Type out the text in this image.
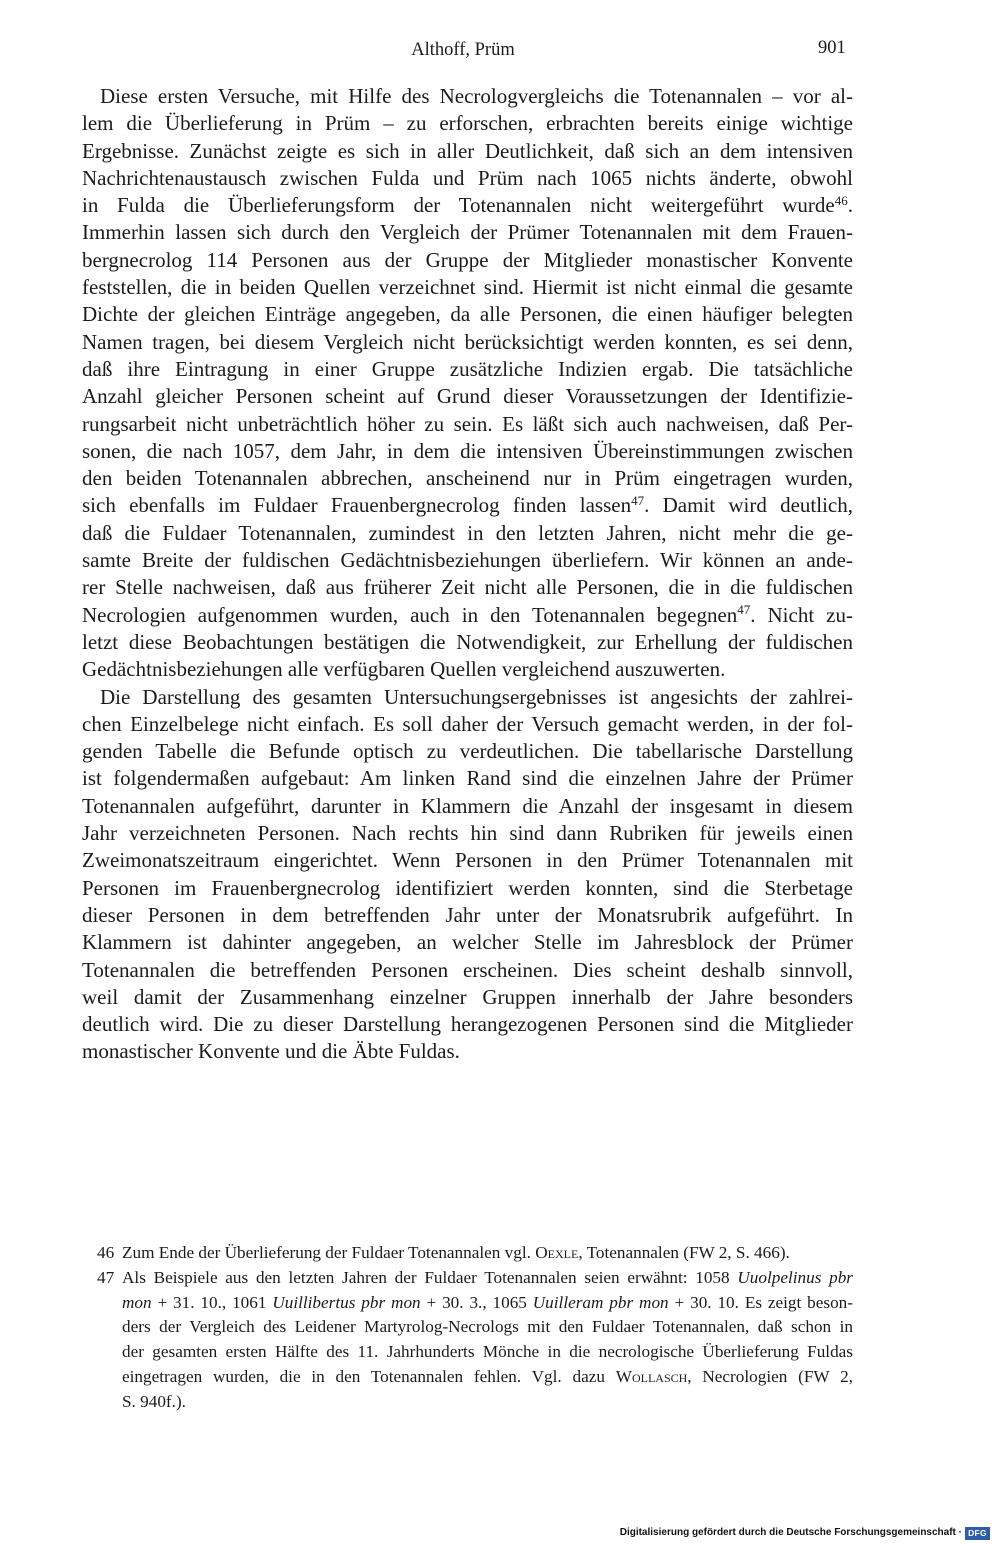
Althoff, Prüm	901
Diese ersten Versuche, mit Hilfe des Necrologvergleichs die Totenannalen – vor al-
lem die Überlieferung in Prüm – zu erforschen, erbrachten bereits einige wichtige
Ergebnisse. Zunächst zeigte es sich in aller Deutlichkeit, daß sich an dem intensiven
Nachrichtenaustausch zwischen Fulda und Prüm nach 1065 nichts änderte, obwohl
in Fulda die Überlieferungsform der Totenannalen nicht weitergeführt wurde$^{46}$.
Immerhin lassen sich durch den Vergleich der Prümer Totenannalen mit dem Frauen-
bergnecrolog 114 Personen aus der Gruppe der Mitglieder monastischer Konvente
feststellen, die in beiden Quellen verzeichnet sind. Hiermit ist nicht einmal die gesamte
Dichte der gleichen Einträge angegeben, da alle Personen, die einen häufiger belegten
Namen tragen, bei diesem Vergleich nicht berücksichtigt werden konnten, es sei denn,
daß ihre Eintragung in einer Gruppe zusätzliche Indizien ergab. Die tatsächliche
Anzahl gleicher Personen scheint auf Grund dieser Voraussetzungen der Identifizie-
rungsarbeit nicht unbeträchtlich höher zu sein. Es läßt sich auch nachweisen, daß Per-
sonen, die nach 1057, dem Jahr, in dem die intensiven Übereinstimmungen zwischen
den beiden Totenannalen abbrechen, anscheinend nur in Prüm eingetragen wurden,
sich ebenfalls im Fuldaer Frauenbergnecrolog finden lassen$^{47}$. Damit wird deutlich,
daß die Fuldaer Totenannalen, zumindest in den letzten Jahren, nicht mehr die ge-
samte Breite der fuldischen Gedächtnisbeziehungen überliefern. Wir können an ande-
rer Stelle nachweisen, daß aus früherer Zeit nicht alle Personen, die in die fuldischen
Necrologien aufgenommen wurden, auch in den Totenannalen begegnen$^{47}$. Nicht zu-
letzt diese Beobachtungen bestätigen die Notwendigkeit, zur Erhellung der fuldischen
Gedächtnisbeziehungen alle verfügbaren Quellen vergleichend auszuwerten.
Die Darstellung des gesamten Untersuchungsergebnisses ist angesichts der zahlrei-
chen Einzelbelege nicht einfach. Es soll daher der Versuch gemacht werden, in der fol-
genden Tabelle die Befunde optisch zu verdeutlichen. Die tabellarische Darstellung
ist folgendermaßen aufgebaut: Am linken Rand sind die einzelnen Jahre der Prümer
Totenannalen aufgeführt, darunter in Klammern die Anzahl der insgesamt in diesem
Jahr verzeichneten Personen. Nach rechts hin sind dann Rubriken für jeweils einen
Zweimonatszeitraum eingerichtet. Wenn Personen in den Prümer Totenannalen mit
Personen im Frauenbergnecrolog identifiziert werden konnten, sind die Sterbetage
dieser Personen in dem betreffenden Jahr unter der Monatsrubrik aufgeführt. In
Klammern ist dahinter angegeben, an welcher Stelle im Jahresblock der Prümer
Totenannalen die betreffenden Personen erscheinen. Dies scheint deshalb sinnvoll,
weil damit der Zusammenhang einzelner Gruppen innerhalb der Jahre besonders
deutlich wird. Die zu dieser Darstellung herangezogenen Personen sind die Mitglieder
monastischer Konvente und die Äbte Fuldas.
46 Zum Ende der Überlieferung der Fuldaer Totenannalen vgl. Oexle, Totenannalen (FW 2, S. 466).
47 Als Beispiele aus den letzten Jahren der Fuldaer Totenannalen seien erwähnt: 1058 Uuolpelinus pbr
mon + 31. 10., 1061 Uuillibertus pbr mon + 30. 3., 1065 Uuilleram pbr mon + 30. 10. Es zeigt beson-
ders der Vergleich des Leidener Martyrolog-Necrologs mit den Fuldaer Totenannalen, daß schon in
der gesamten ersten Hälfte des 11. Jahrhunderts Mönche in die necrologische Überlieferung Fuldas
eingetragen wurden, die in den Totenannalen fehlen. Vgl. dazu Wollasch, Necrologien (FW 2,
S. 940f.).
Digitalisierung gefördert durch die Deutsche Forschungsgemeinschaft · DFG
